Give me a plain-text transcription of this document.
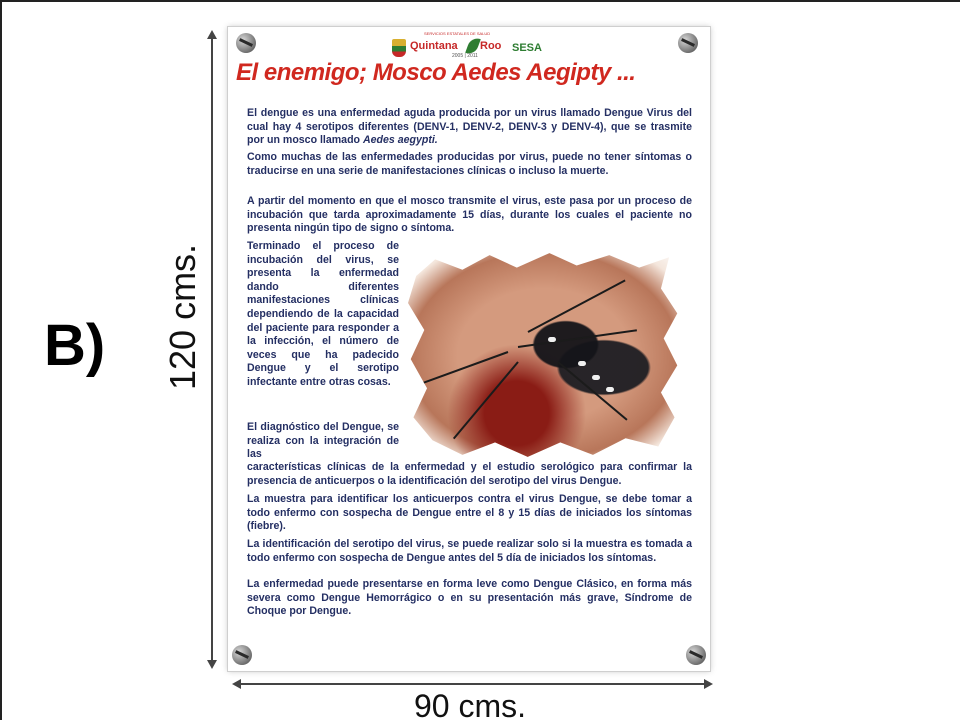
B) 120 cms.
90 cms.
SERVICIOS ESTATALES DE SALUD
Quintana Roo
2005 | 2011
SESA
El enemigo; Mosco Aedes Aegipty ...
El dengue es una enfermedad aguda producida por un virus llamado Dengue Virus del cual hay 4 serotipos diferentes (DENV-1, DENV-2, DENV-3 y DENV-4), que se trasmite por un mosco llamado Aedes aegypti.
Como muchas de las enfermedades producidas por virus, puede no tener síntomas o traducirse en una serie de manifestaciones clínicas o incluso la muerte.
A partir del momento en que el mosco transmite el virus, este pasa por un proceso de incubación que tarda aproximadamente 15 días, durante los cuales el paciente no presenta ningún tipo de signo o síntoma.
Terminado el proceso de incubación del virus, se presenta la enfermedad dando diferentes manifestaciones clínicas dependiendo de la capacidad del paciente para responder a la infección, el número de veces que ha padecido Dengue y el serotipo infectante entre otras cosas.
El diagnóstico del Dengue, se realiza con la integración de las
características clínicas de la enfermedad y el estudio serológico para confirmar la presencia de anticuerpos o la identificación del serotipo del virus Dengue.
La muestra para identificar los anticuerpos contra el virus Dengue, se debe tomar a todo enfermo con sospecha de Dengue entre el 8 y 15 días de iniciados los síntomas (fiebre).
La identificación del serotipo del virus, se puede realizar solo si la muestra es tomada a todo enfermo con sospecha de Dengue antes del 5 día de iniciados los síntomas.
La enfermedad puede presentarse en forma leve como Dengue Clásico, en forma más severa como Dengue Hemorrágico o en su presentación más grave, Síndrome de Choque por Dengue.
